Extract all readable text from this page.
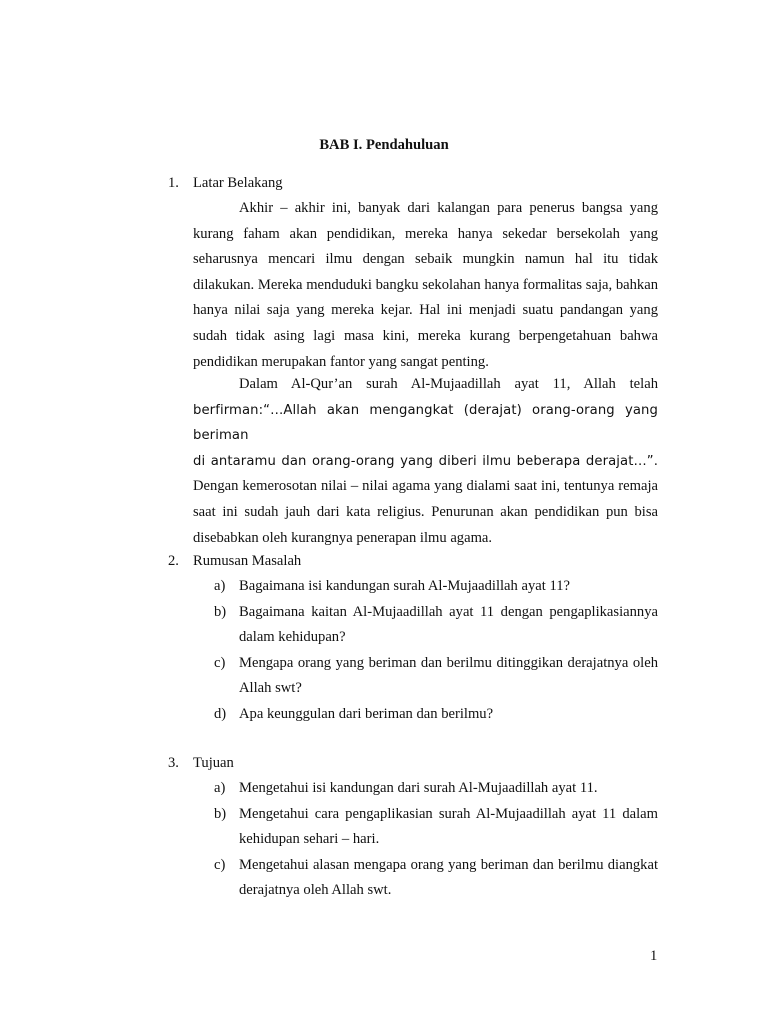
BAB I. Pendahuluan
1. Latar Belakang

Akhir – akhir ini, banyak dari kalangan para penerus bangsa yang kurang faham akan pendidikan, mereka hanya sekedar bersekolah yang seharusnya mencari ilmu dengan sebaik mungkin namun hal itu tidak dilakukan. Mereka menduduki bangku sekolahan hanya formalitas saja, bahkan hanya nilai saja yang mereka kejar. Hal ini menjadi suatu pandangan yang sudah tidak asing lagi masa kini, mereka kurang berpengetahuan bahwa pendidikan merupakan fantor yang sangat penting.

Dalam Al-Qur’an surah Al-Mujaadillah ayat 11, Allah telah
berfirman:“…Allah akan mengangkat (derajat) orang-orang yang beriman
di antaramu dan orang-orang yang diberi ilmu beberapa derajat…”.
Dengan kemerosotan nilai – nilai agama yang dialami saat ini, tentunya remaja saat ini sudah jauh dari kata religius. Penurunan akan pendidikan pun bisa disebabkan oleh kurangnya penerapan ilmu agama.
2. Rumusan Masalah
a) Bagaimana isi kandungan surah Al-Mujaadillah ayat 11?
b) Bagaimana kaitan Al-Mujaadillah ayat 11 dengan pengaplikasiannya dalam kehidupan?
c) Mengapa orang yang beriman dan berilmu ditinggikan derajatnya oleh Allah swt?
d) Apa keunggulan dari beriman dan berilmu?
3. Tujuan
a) Mengetahui isi kandungan dari surah Al-Mujaadillah ayat 11.
b) Mengetahui cara pengaplikasian surah Al-Mujaadillah ayat 11 dalam kehidupan sehari – hari.
c) Mengetahui alasan mengapa orang yang beriman dan berilmu diangkat derajatnya oleh Allah swt.
1
